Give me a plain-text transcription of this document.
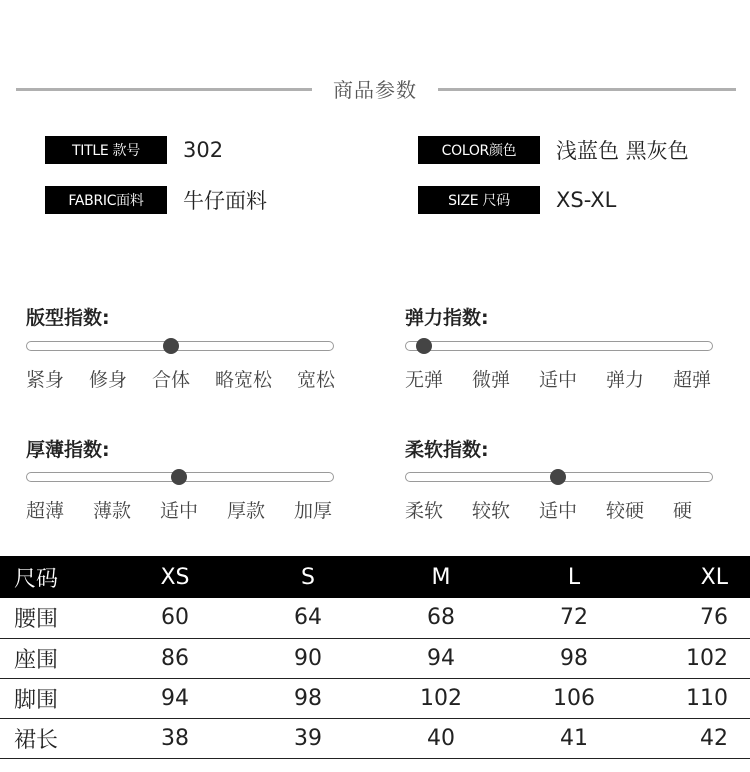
商品参数
TITLE 款号	302	COLOR颜色	浅蓝色 黑灰色
FABRIC面料	牛仔面料	SIZE 尺码	XS-XL
版型指数:
紧身 修身 合体 略宽松 宽松
弹力指数:
无弹 微弹 适中 弹力 超弹
厚薄指数:
超薄 薄款 适中 厚款 加厚
柔软指数:
柔软 较软 适中 较硬 硬
尺码	XS	S	M	L	XL
腰围	60	64	68	72	76
座围	86	90	94	98	102
脚围	94	98	102	106	110
裙长	38	39	40	41	42
